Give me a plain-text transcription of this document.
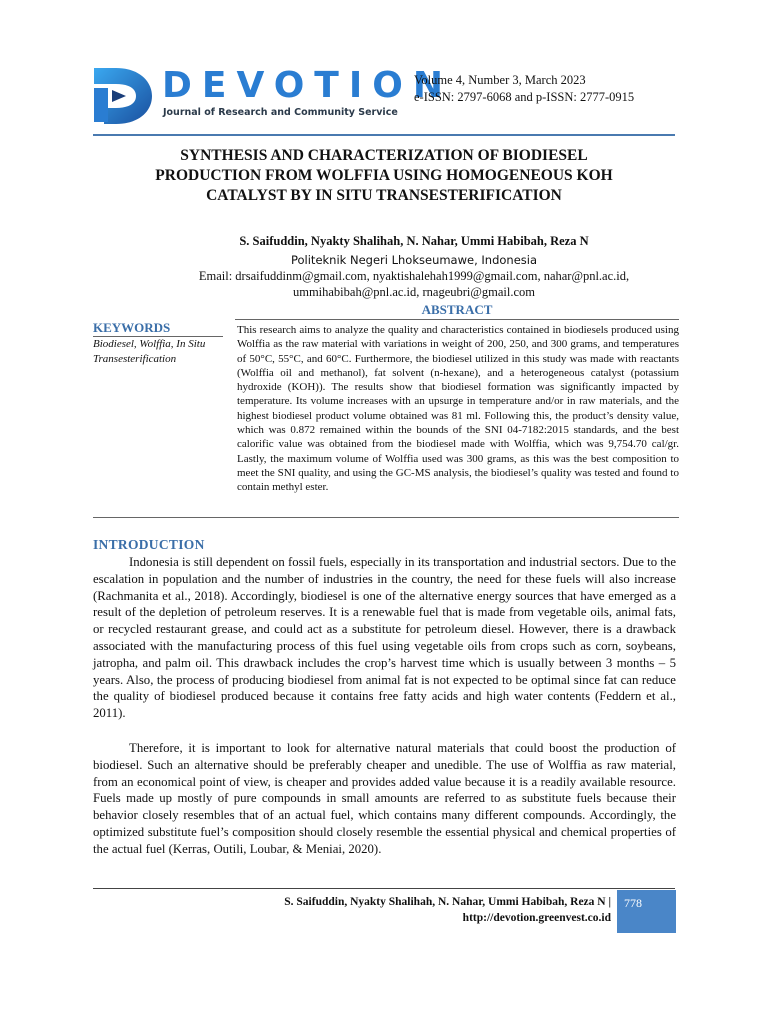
DEVOTION
Journal of Research and Community Service
Volume 4, Number 3, March 2023
e-ISSN: 2797-6068 and p-ISSN: 2777-0915
SYNTHESIS AND CHARACTERIZATION OF BIODIESEL PRODUCTION FROM WOLFFIA USING HOMOGENEOUS KOH CATALYST BY IN SITU TRANSESTERIFICATION
S. Saifuddin, Nyakty Shalihah, N. Nahar, Ummi Habibah, Reza N
Politeknik Negeri Lhokseumawe, Indonesia
Email: drsaifuddinm@gmail.com, nyaktishalehah1999@gmail.com, nahar@pnl.ac.id,
ummihabibah@pnl.ac.id, rnageubri@gmail.com
ABSTRACT
KEYWORDS
Biodiesel, Wolffia, In Situ Transesterification
This research aims to analyze the quality and characteristics contained in biodiesels produced using Wolffia as the raw material with variations in weight of 200, 250, and 300 grams, and temperatures of 50°C, 55°C, and 60°C. Furthermore, the biodiesel utilized in this study was made with reactants (Wolffia oil and methanol), fat solvent (n-hexane), and a heterogeneous catalyst (potassium hydroxide (KOH)). The results show that biodiesel formation was significantly impacted by temperature. Its volume increases with an upsurge in temperature and/or in raw materials, and the highest biodiesel product volume obtained was 81 ml. Following this, the product’s density value, which was 0.872 remained within the bounds of the SNI 04-7182:2015 standards, and the best calorific value was obtained from the biodiesel made with Wolffia, which was 9,754.70 cal/gr. Lastly, the maximum volume of Wolffia used was 300 grams, as this was the best composition to meet the SNI quality, and using the GC-MS analysis, the biodiesel’s quality was tested and found to contain methyl ester.
INTRODUCTION
Indonesia is still dependent on fossil fuels, especially in its transportation and industrial sectors. Due to the escalation in population and the number of industries in the country, the need for these fuels will also increase (Rachmanita et al., 2018). Accordingly, biodiesel is one of the alternative energy sources that have emerged as a result of the depletion of petroleum reserves. It is a renewable fuel that is made from vegetable oils, animal fats, or recycled restaurant grease, and could act as a substitute for petroleum diesel. However, there is a drawback associated with the manufacturing process of this fuel using vegetable oils from crops such as corn, soybeans, jatropha, and palm oil. This drawback includes the crop’s harvest time which is usually between 3 months – 5 years. Also, the process of producing biodiesel from animal fat is not expected to be optimal since fat can reduce the quality of biodiesel produced because it contains free fatty acids and high water contents (Feddern et al., 2011).
Therefore, it is important to look for alternative natural materials that could boost the production of biodiesel. Such an alternative should be preferably cheaper and unedible. The use of Wolffia as raw material, from an economical point of view, is cheaper and provides added value because it is a readily available resource. Fuels made up mostly of pure compounds in small amounts are referred to as substitute fuels because their behavior closely resembles that of an actual fuel, which contains many different compounds. Accordingly, the optimized substitute fuel’s composition should closely resemble the essential physical and chemical properties of the actual fuel (Kerras, Outili, Loubar, & Meniai, 2020).
S. Saifuddin, Nyakty Shalihah, N. Nahar, Ummi Habibah, Reza N |
http://devotion.greenvest.co.id
778
